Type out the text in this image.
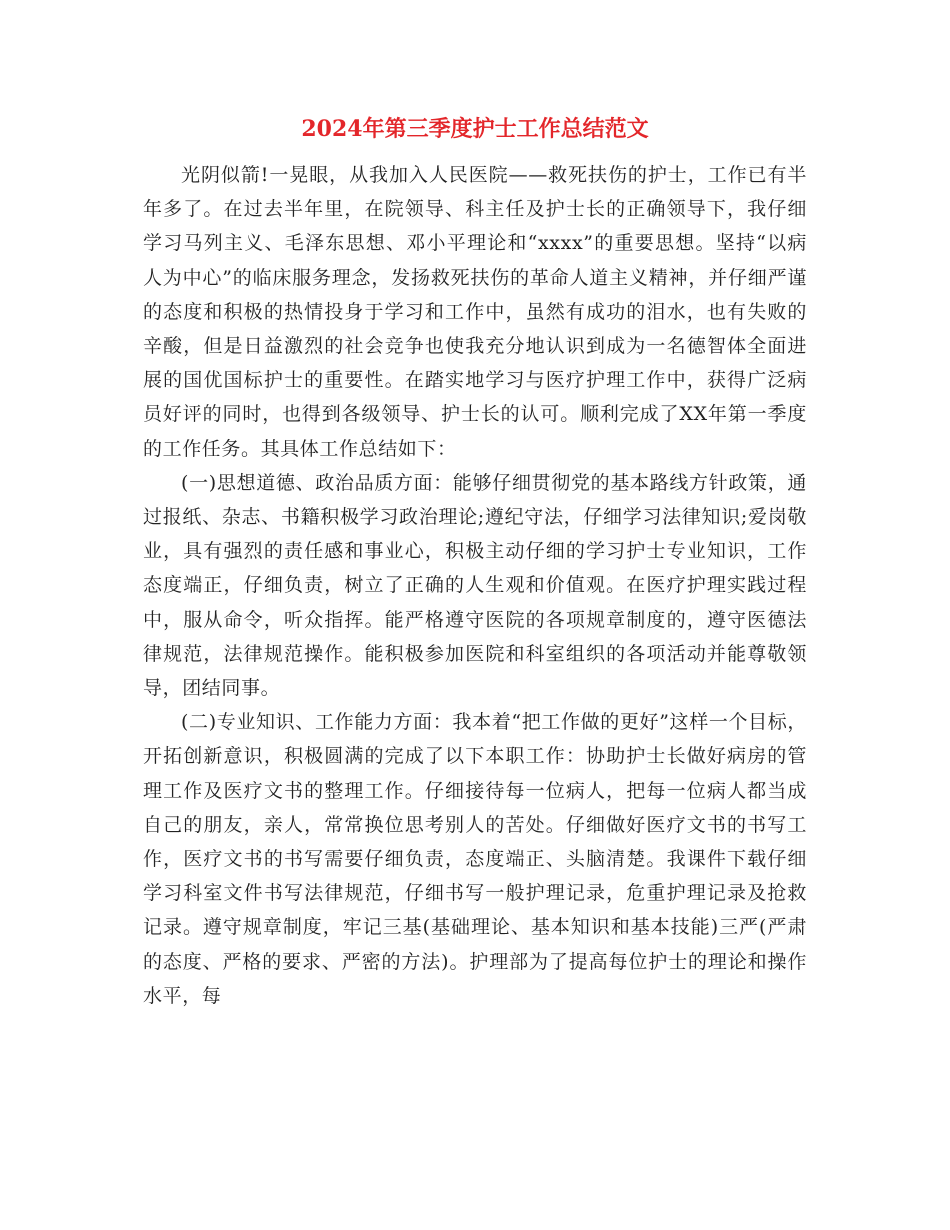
2024年第三季度护士工作总结范文

光阴似箭!一晃眼，从我加入人民医院——救死扶伤的护士，工作已有半年多了。在过去半年里，在院领导、科主任及护士长的正确领导下，我仔细学习马列主义、毛泽东思想、邓小平理论和“xxxx”的重要思想。坚持“以病人为中心”的临床服务理念，发扬救死扶伤的革命人道主义精神，并仔细严谨的态度和积极的热情投身于学习和工作中，虽然有成功的泪水，也有失败的辛酸，但是日益激烈的社会竞争也使我充分地认识到成为一名德智体全面进展的国优国标护士的重要性。在踏实地学习与医疗护理工作中，获得广泛病员好评的同时，也得到各级领导、护士长的认可。顺利完成了XX年第一季度的工作任务。其具体工作总结如下：

(一)思想道德、政治品质方面：能够仔细贯彻党的基本路线方针政策，通过报纸、杂志、书籍积极学习政治理论;遵纪守法，仔细学习法律知识;爱岗敬业，具有强烈的责任感和事业心，积极主动仔细的学习护士专业知识，工作态度端正，仔细负责，树立了正确的人生观和价值观。在医疗护理实践过程中，服从命令，听众指挥。能严格遵守医院的各项规章制度的，遵守医德法律规范，法律规范操作。能积极参加医院和科室组织的各项活动并能尊敬领导，团结同事。

(二)专业知识、工作能力方面：我本着“把工作做的更好”这样一个目标，开拓创新意识，积极圆满的完成了以下本职工作：协助护士长做好病房的管理工作及医疗文书的整理工作。仔细接待每一位病人，把每一位病人都当成自己的朋友，亲人，常常换位思考别人的苦处。仔细做好医疗文书的书写工作，医疗文书的书写需要仔细负责，态度端正、头脑清楚。我课件下载仔细学习科室文件书写法律规范，仔细书写一般护理记录，危重护理记录及抢救记录。遵守规章制度，牢记三基(基础理论、基本知识和基本技能)三严(严肃的态度、严格的要求、严密的方法)。护理部为了提高每位护士的理论和操作水平，每
